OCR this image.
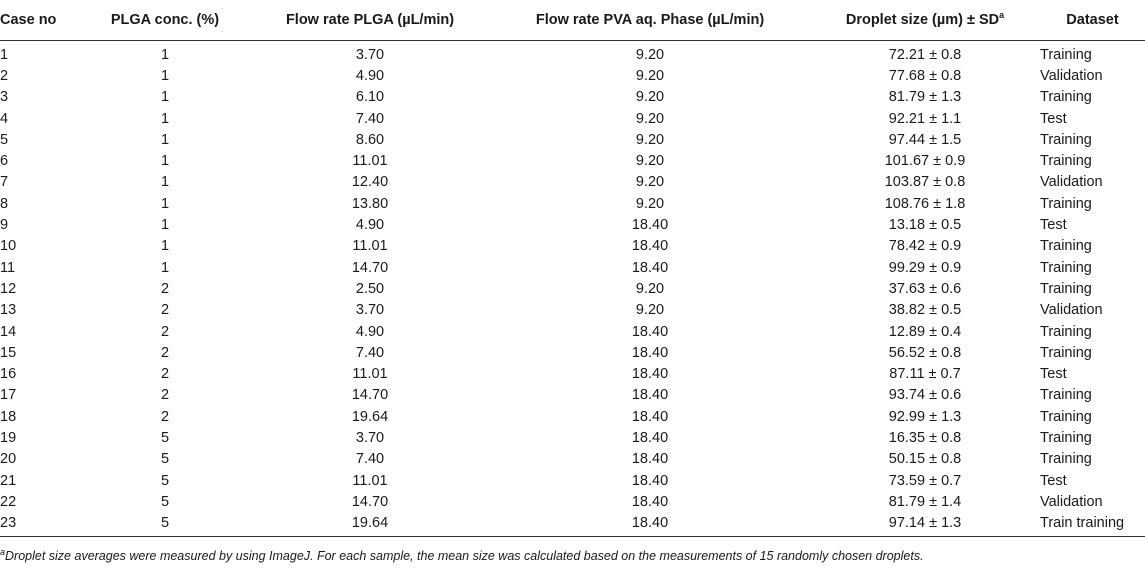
Case no	PLGA conc. (%)	Flow rate PLGA (µL/min)	Flow rate PVA aq. Phase (µL/min)	Droplet size $(\mu m) \pm SD^a$	Dataset
1	1	3.70	9.20	72.21 ± 0.8	Training
2	1	4.90	9.20	77.68 ± 0.8	Validation
3	1	6.10	9.20	81.79 ± 1.3	Training
4	1	7.40	9.20	92.21 ± 1.1	Test
5	1	8.60	9.20	97.44 ± 1.5	Training
6	1	11.01	9.20	101.67 ± 0.9	Training
7	1	12.40	9.20	103.87 ± 0.8	Validation
8	1	13.80	9.20	108.76 ± 1.8	Training
9	1	4.90	18.40	13.18 ± 0.5	Test
10	1	11.01	18.40	78.42 ± 0.9	Training
11	1	14.70	18.40	99.29 ± 0.9	Training
12	2	2.50	9.20	37.63 ± 0.6	Training
13	2	3.70	9.20	38.82 ± 0.5	Validation
14	2	4.90	18.40	12.89 ± 0.4	Training
15	2	7.40	18.40	56.52 ± 0.8	Training
16	2	11.01	18.40	87.11 ± 0.7	Test
17	2	14.70	18.40	93.74 ± 0.6	Training
18	2	19.64	18.40	92.99 ± 1.3	Training
19	5	3.70	18.40	16.35 ± 0.8	Training
20	5	7.40	18.40	50.15 ± 0.8	Training
21	5	11.01	18.40	73.59 ± 0.7	Test
22	5	14.70	18.40	81.79 ± 1.4	Validation
23	5	19.64	18.40	97.14 ± 1.3	Train training
$^a$Droplet size averages were measured by using ImageJ. For each sample, the mean size was calculated based on the measurements of 15 randomly chosen droplets.
